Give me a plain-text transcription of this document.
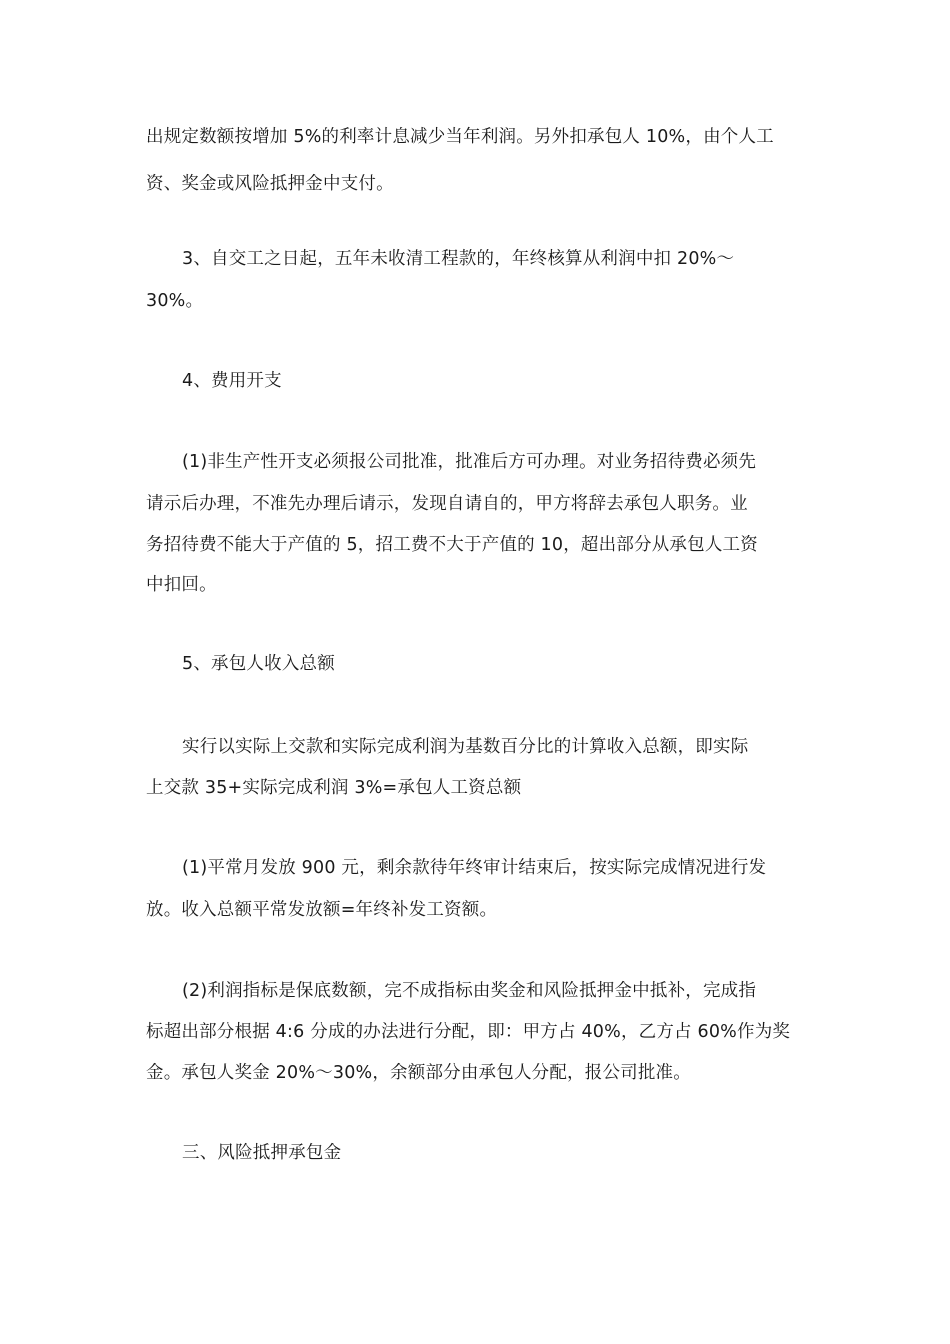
出规定数额按增加 5%的利率计息减少当年利润。另外扣承包人 10%，由个人工
资、奖金或风险抵押金中支付。
3、自交工之日起，五年未收清工程款的，年终核算从利润中扣 20%～
30%。
4、费用开支
(1)非生产性开支必须报公司批准，批准后方可办理。对业务招待费必须先
请示后办理，不准先办理后请示，发现自请自的，甲方将辞去承包人职务。业
务招待费不能大于产值的 5，招工费不大于产值的 10，超出部分从承包人工资
中扣回。
5、承包人收入总额
实行以实际上交款和实际完成利润为基数百分比的计算收入总额，即实际
上交款 35+实际完成利润 3%=承包人工资总额
(1)平常月发放 900 元，剩余款待年终审计结束后，按实际完成情况进行发
放。收入总额平常发放额=年终补发工资额。
(2)利润指标是保底数额，完不成指标由奖金和风险抵押金中抵补，完成指
标超出部分根据 4:6 分成的办法进行分配，即：甲方占 40%，乙方占 60%作为奖
金。承包人奖金 20%～30%，余额部分由承包人分配，报公司批准。
三、风险抵押承包金
